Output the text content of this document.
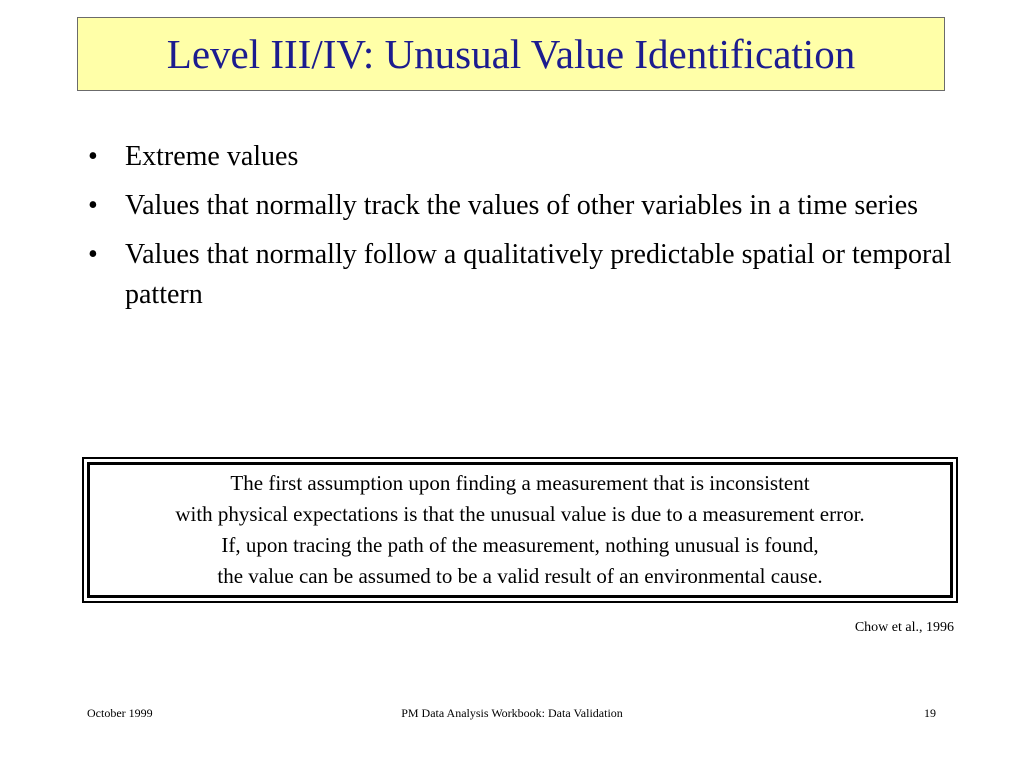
Level III/IV: Unusual Value Identification
• Extreme values
• Values that normally track the values of other variables in a time series
• Values that normally follow a qualitatively predictable spatial or temporal pattern
The first assumption upon finding a measurement that is inconsistent
with physical expectations is that the unusual value is due to a measurement error.
If, upon tracing the path of the measurement, nothing unusual is found,
the value can be assumed to be a valid result of an environmental cause.
Chow et al., 1996
October 1999	PM Data Analysis Workbook: Data Validation	19
